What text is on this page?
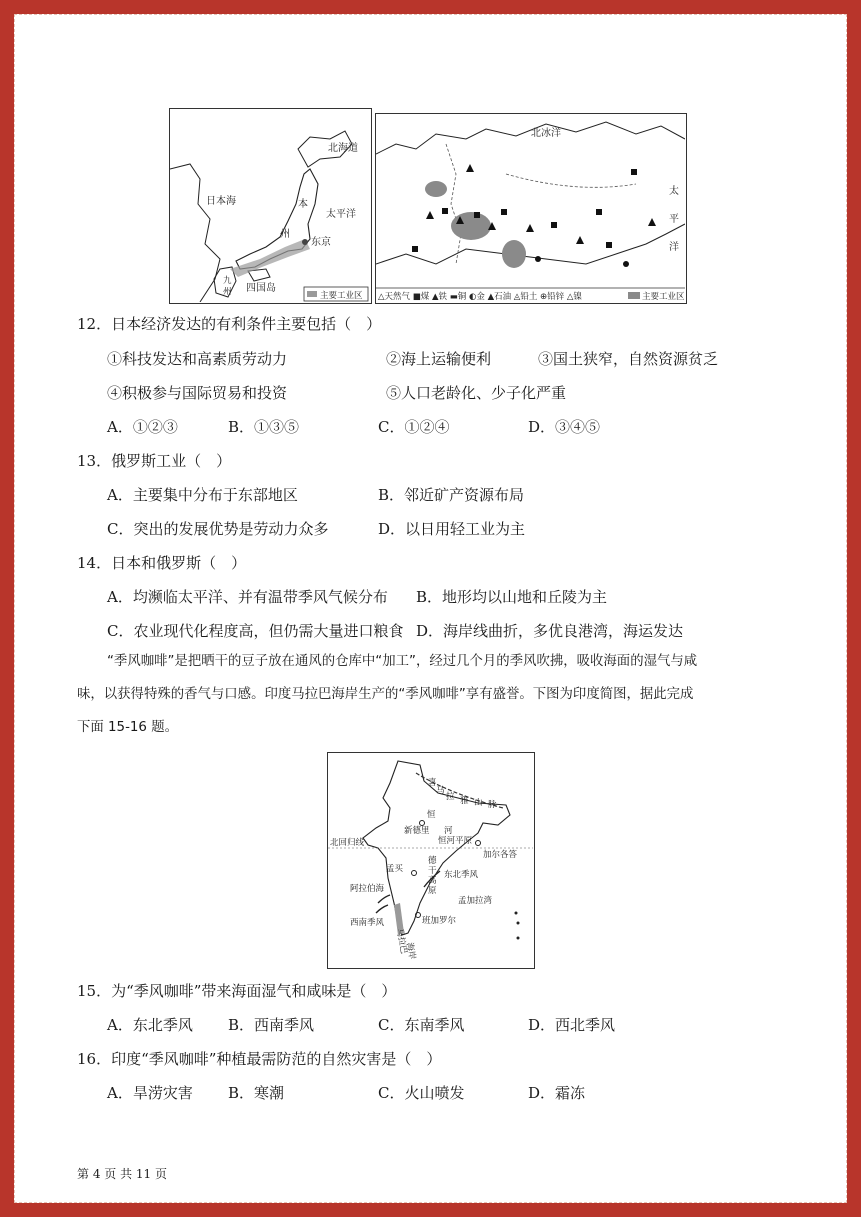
北海道
日本海
太平洋
本
州
东京
四国岛
九
州	主要工业区
北冰洋
太
平
洋
△天然气 ■煤 ▲铁 ▬铜 ◐金 ▲石油 ◬铅土 ⊕铅锌 △镍	主要工业区
12．日本经济发达的有利条件主要包括（　）
①科技发达和高素质劳动力	②海上运输便利	③国土狭窄，自然资源贫乏
④积极参与国际贸易和投资	⑤人口老龄化、少子化严重
A．①②③	B．①③⑤	C．①②④	D．③④⑤
13．俄罗斯工业（　）
A．主要集中分布于东部地区	B．邻近矿产资源布局
C．突出的发展优势是劳动力众多	D．以日用轻工业为主
14．日本和俄罗斯（　）
A．均濒临太平洋、并有温带季风气候分布 B．地形均以山地和丘陵为主
C．农业现代化程度高，但仍需大量进口粮食 D．海岸线曲折，多优良港湾，海运发达
“季风咖啡”是把晒干的豆子放在通风的仓库中“加工”，经过几个月的季风吹拂，吸收海面的湿气与咸
味，以获得特殊的香气与口感。印度马拉巴海岸生产的“季风咖啡”享有盛誉。下图为印度简图，据此完成
下面 15-16 题。
喜
马
拉 雅 山 脉
恒
河
新德里
恒河平原
北回归线
加尔各答
孟买
德
干
高
原
东北季风
阿拉伯海
孟加拉湾
西南季风
马拉巴
海岸
班加罗尔
15．为“季风咖啡”带来海面湿气和咸味是（　）
A．东北季风 B．西南季风	C．东南季风	D．西北季风
16．印度“季风咖啡”种植最需防范的自然灾害是（　）
A．旱涝灾害 B．寒潮	C．火山喷发	D．霜冻
第 4 页 共 11 页
